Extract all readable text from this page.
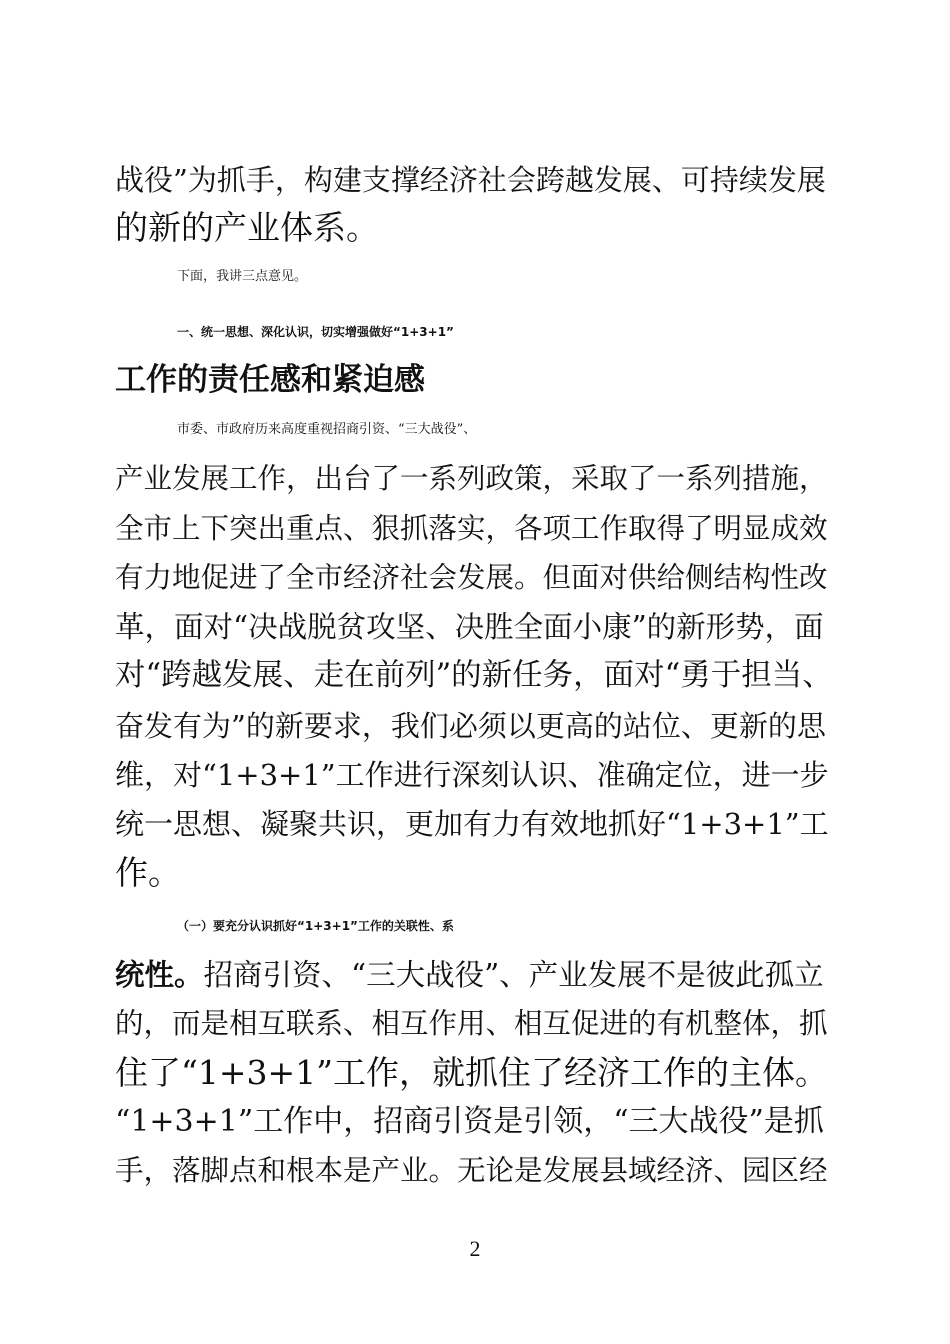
战役”为抓手，构建支撑经济社会跨越发展、可持续发展
的新的产业体系。
下面，我讲三点意见。
一、统一思想、深化认识，切实增强做好“1+3+1”
工作的责任感和紧迫感
市委、市政府历来高度重视招商引资、“三大战役”、
产业发展工作，出台了一系列政策，采取了一系列措施，
全市上下突出重点、狠抓落实，各项工作取得了明显成效
有力地促进了全市经济社会发展。但面对供给侧结构性改
革，面对“决战脱贫攻坚、决胜全面小康”的新形势，面
对“跨越发展、走在前列”的新任务，面对“勇于担当、
奋发有为”的新要求，我们必须以更高的站位、更新的思
维，对“1+3+1”工作进行深刻认识、准确定位，进一步
统一思想、凝聚共识，更加有力有效地抓好“1+3+1”工
作。
（一）要充分认识抓好“1+3+1”工作的关联性、系
统性。招商引资、“三大战役”、产业发展不是彼此孤立
的，而是相互联系、相互作用、相互促进的有机整体，抓
住了“1+3+1”工作，就抓住了经济工作的主体。
“1+3+1”工作中，招商引资是引领，“三大战役”是抓
手，落脚点和根本是产业。无论是发展县域经济、园区经
2
